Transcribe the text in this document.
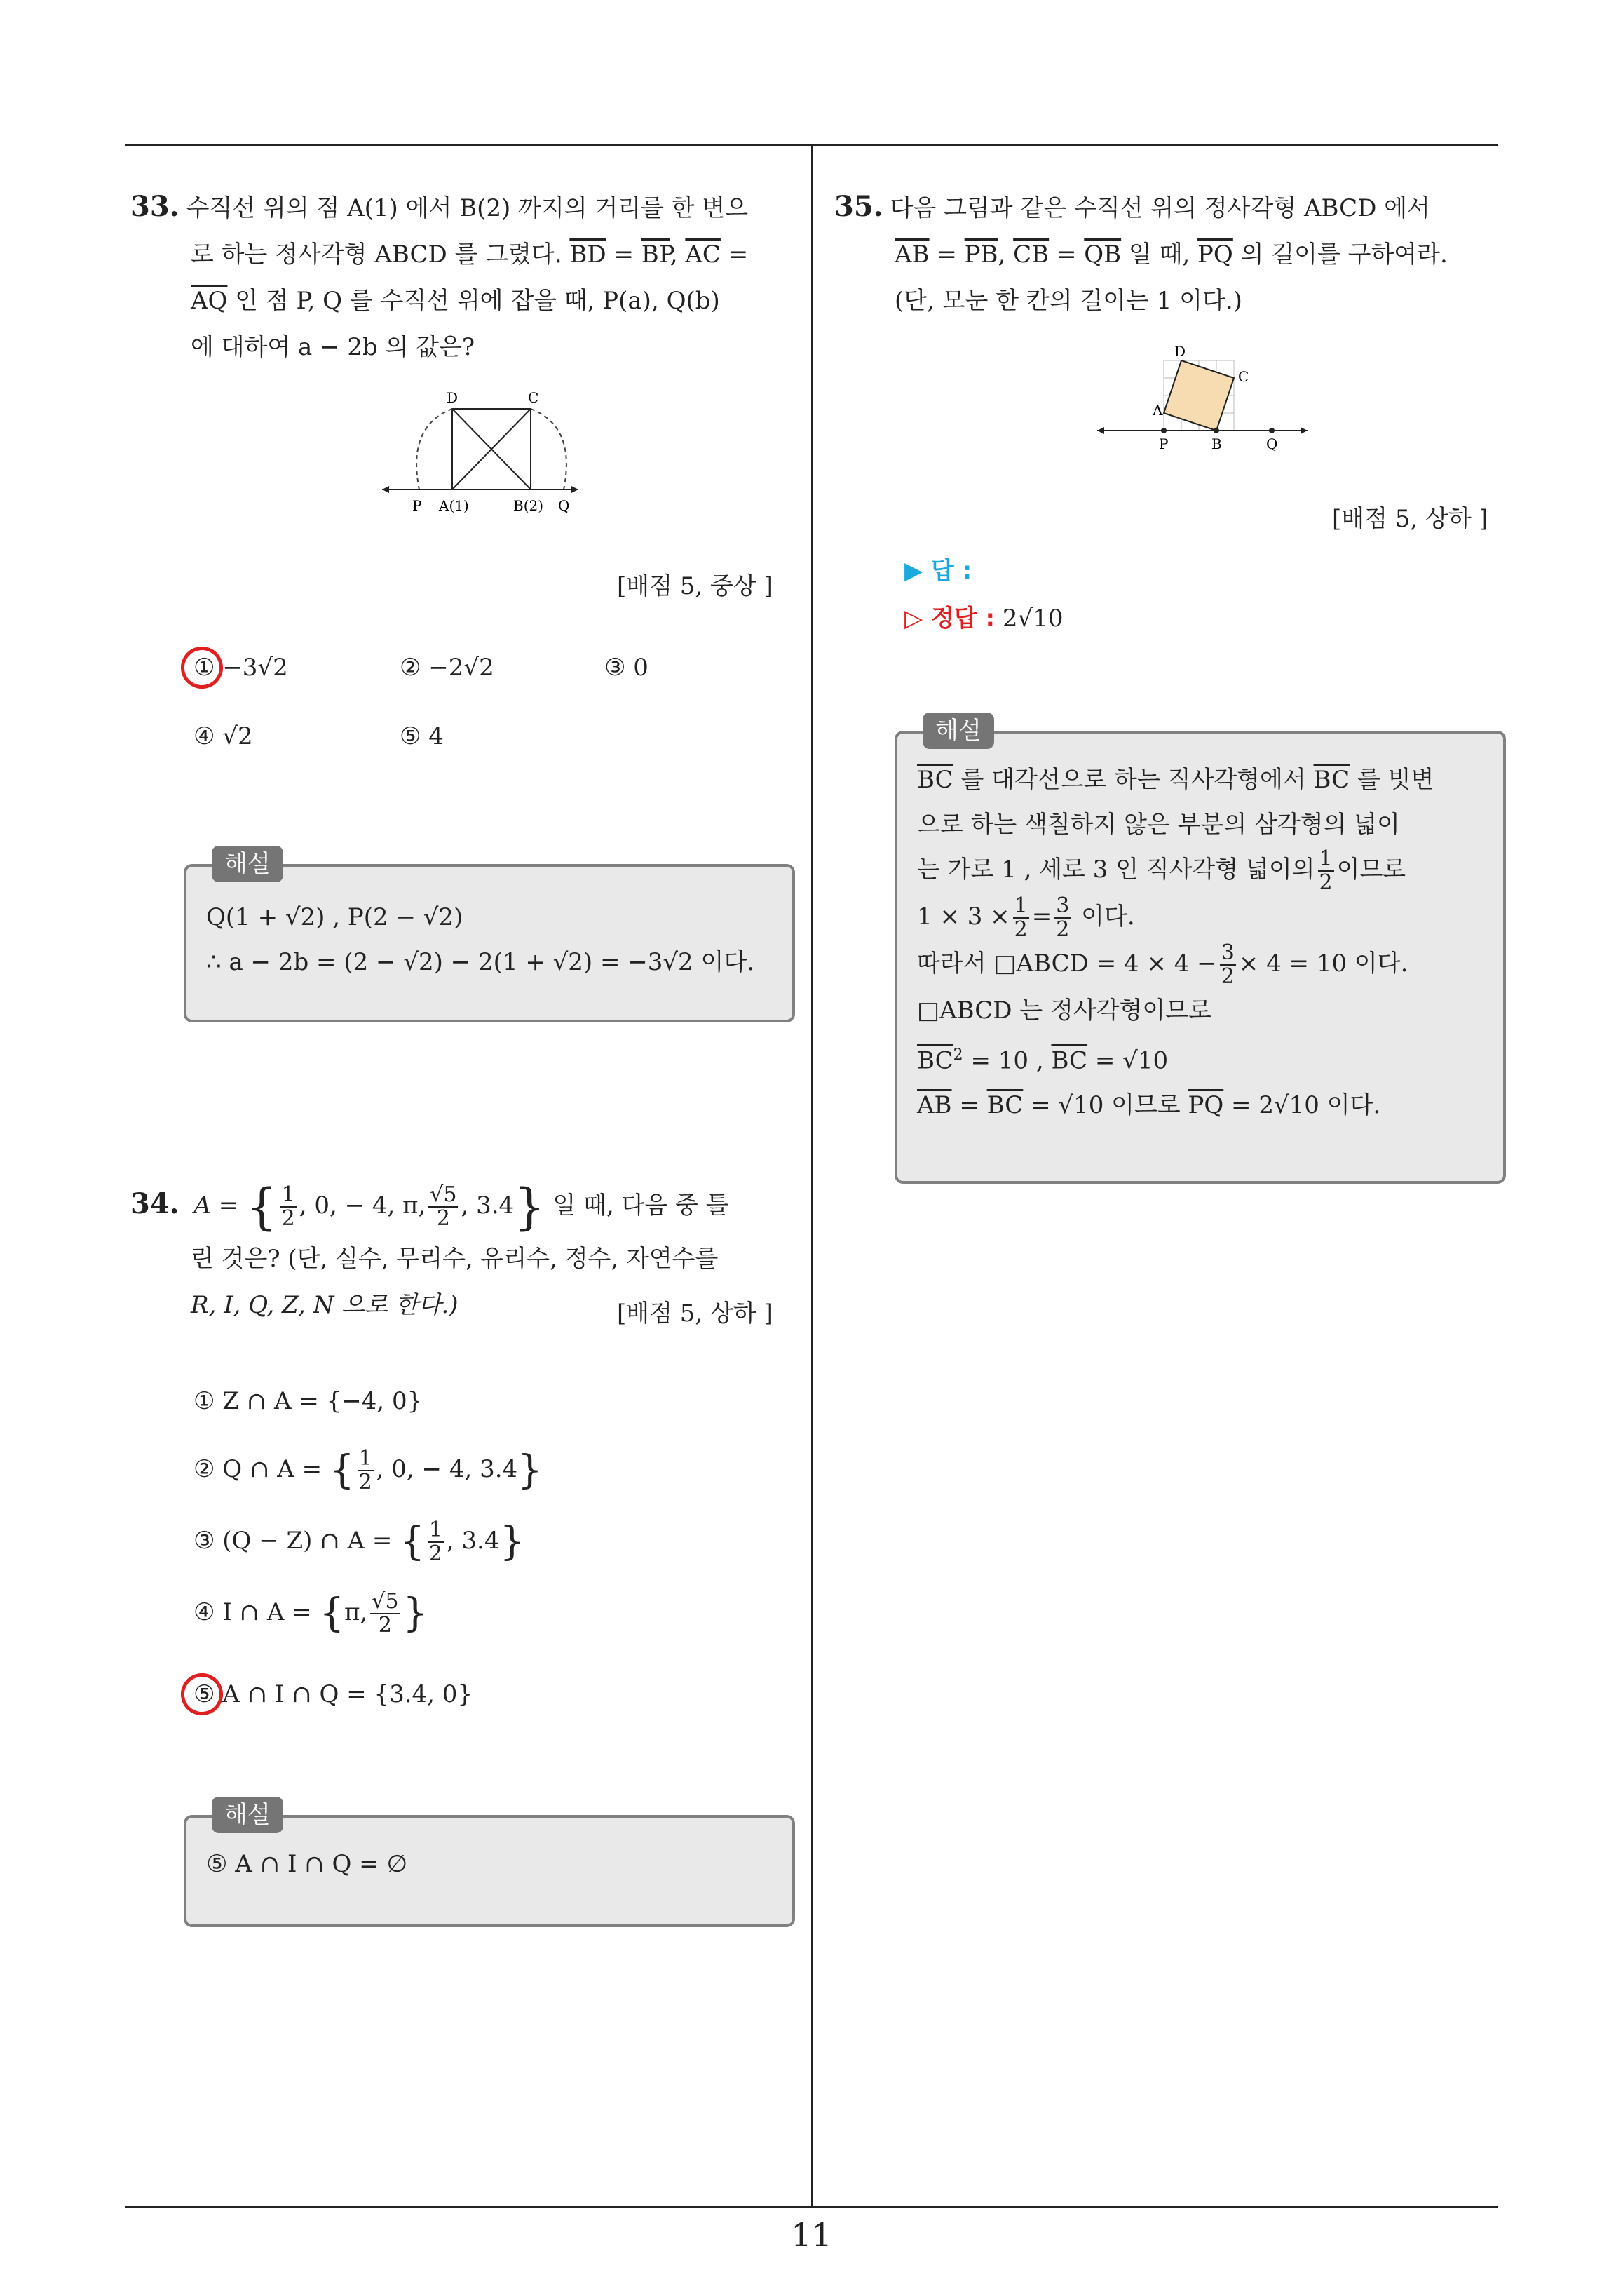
33. 수직선 위의 점 A(1) 에서 B(2) 까지의 거리를 한 변으
로 하는 정사각형 ABCD 를 그렸다. $\overline{BD} = \overline{BP}$, $\overline{AC}$ =
$\overline{AQ}$ 인 점 P, Q 를 수직선 위에 잡을 때, P(a), Q(b)
에 대하여 a − 2b 의 값은?
D	C
P A(1)	B(2) Q
[배점 5, 중상 ]
① −3√2	② −2√2	③ 0
④ √2	⑤ 4
Q(1 + √2) , P(2 − √2)
∴ a − 2b = (2 − √2) − 2(1 + √2) = −3√2 이다.
해설
34. A = { $\frac{1}{2}$ , 0, − 4, π, $\frac{√5}{2}$ , 3.4} 일 때, 다음 중 틀
린 것은? (단, 실수, 무리수, 유리수, 정수, 자연수를
R, I, Q, Z, N 으로 한다.)	[배점 5, 상하 ]
① Z ∩ A = {−4, 0}
② Q ∩ A = { $\frac{1}{2}$ , 0, − 4, 3.4}
③ (Q − Z) ∩ A = { $\frac{1}{2}$ , 3.4}
④ I ∩ A = {π, $\frac{√5}{2}$ }
⑤ A ∩ I ∩ Q = {3.4, 0}
⑤ A ∩ I ∩ Q = ∅
해설
35. 다음 그림과 같은 수직선 위의 정사각형 ABCD 에서
$\overline{AB} = \overline{PB}$, $\overline{CB} = \overline{QB}$ 일 때, $\overline{PQ}$ 의 길이를 구하여라.
(단, 모눈 한 칸의 길이는 1 이다.)
D
C
A
P	B	Q
[배점 5, 상하 ]
▶ 답 :
▷ 정답 : 2√10
$\overline{BC}$ 를 대각선으로 하는 직사각형에서 $\overline{BC}$ 를 빗변
으로 하는 색칠하지 않은 부분의 삼각형의 넓이
는 가로 1 , 세로 3 인 직사각형 넓이의 $\frac{1}{2}$ 이므로
$1 \times 3 \times \frac{1}{2} = \frac{3}{2}$ 이다.
따라서 □ABCD = $4 \times 4 - \frac{3}{2} \times 4 = 10$ 이다.
□ABCD 는 정사각형이므로
$\overline{BC}^2 = 10$ , $\overline{BC} = √10$
$\overline{AB} = \overline{BC} = √10$ 이므로 $\overline{PQ} = 2√10$ 이다.
해설
11
